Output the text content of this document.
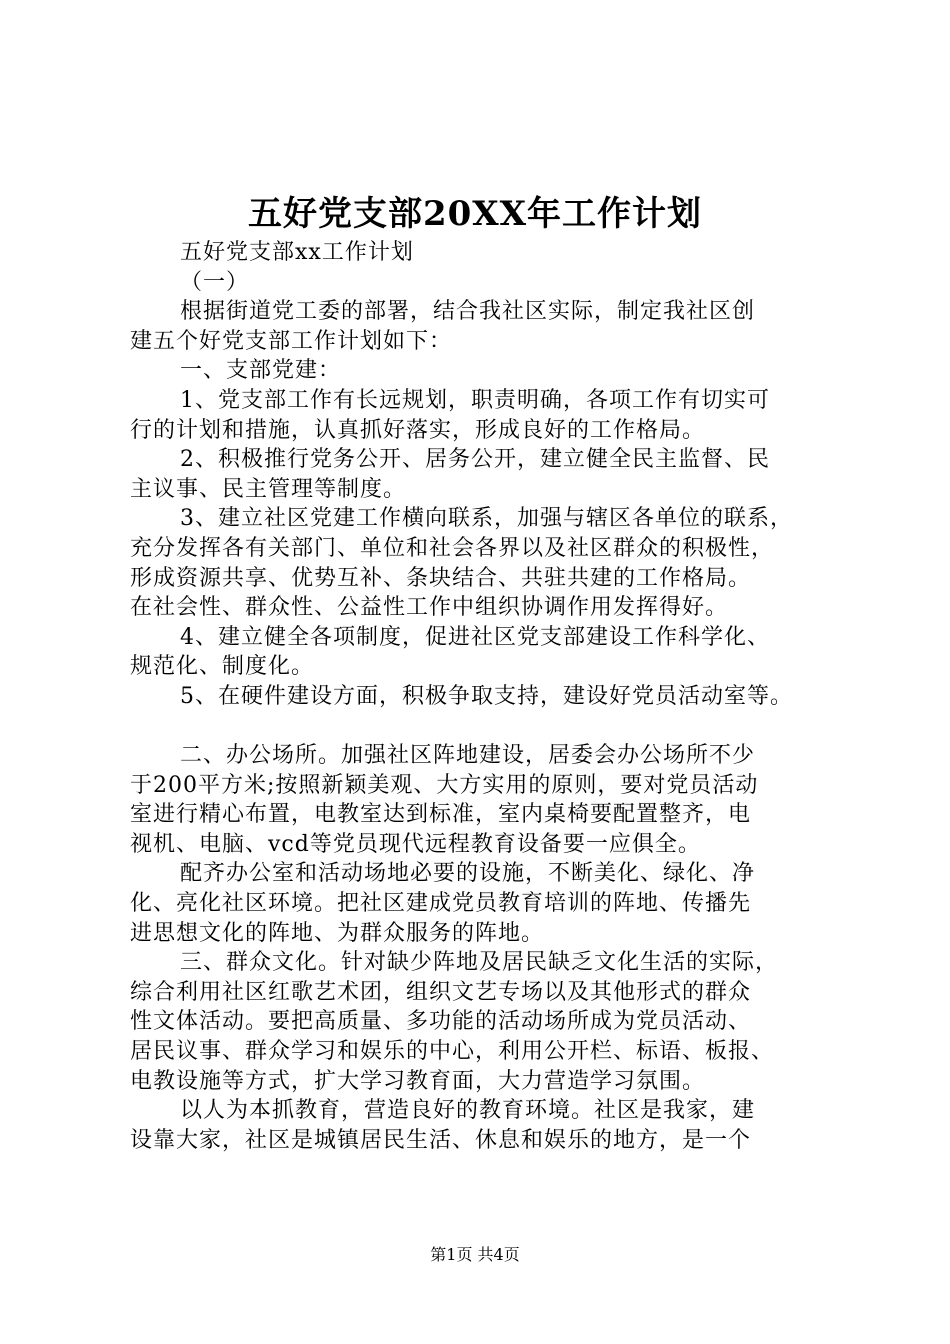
五好党支部20XX年工作计划
五好党支部xx工作计划
（一）
根据街道党工委的部署，结合我社区实际，制定我社区创
建五个好党支部工作计划如下：
一、支部党建：
1、党支部工作有长远规划，职责明确，各项工作有切实可
行的计划和措施，认真抓好落实，形成良好的工作格局。
2、积极推行党务公开、居务公开，建立健全民主监督、民
主议事、民主管理等制度。
3、建立社区党建工作横向联系，加强与辖区各单位的联系，
充分发挥各有关部门、单位和社会各界以及社区群众的积极性，
形成资源共享、优势互补、条块结合、共驻共建的工作格局。
在社会性、群众性、公益性工作中组织协调作用发挥得好。
4、建立健全各项制度，促进社区党支部建设工作科学化、
规范化、制度化。
5、在硬件建设方面，积极争取支持，建设好党员活动室等。
二、办公场所。加强社区阵地建设，居委会办公场所不少
于200平方米;按照新颖美观、大方实用的原则，要对党员活动
室进行精心布置，电教室达到标准，室内桌椅要配置整齐，电
视机、电脑、vcd等党员现代远程教育设备要一应俱全。
配齐办公室和活动场地必要的设施，不断美化、绿化、净
化、亮化社区环境。把社区建成党员教育培训的阵地、传播先
进思想文化的阵地、为群众服务的阵地。
三、群众文化。针对缺少阵地及居民缺乏文化生活的实际，
综合利用社区红歌艺术团，组织文艺专场以及其他形式的群众
性文体活动。要把高质量、多功能的活动场所成为党员活动、
居民议事、群众学习和娱乐的中心，利用公开栏、标语、板报、
电教设施等方式，扩大学习教育面，大力营造学习氛围。
以人为本抓教育，营造良好的教育环境。社区是我家，建
设靠大家，社区是城镇居民生活、休息和娱乐的地方，是一个
第1页 共4页
